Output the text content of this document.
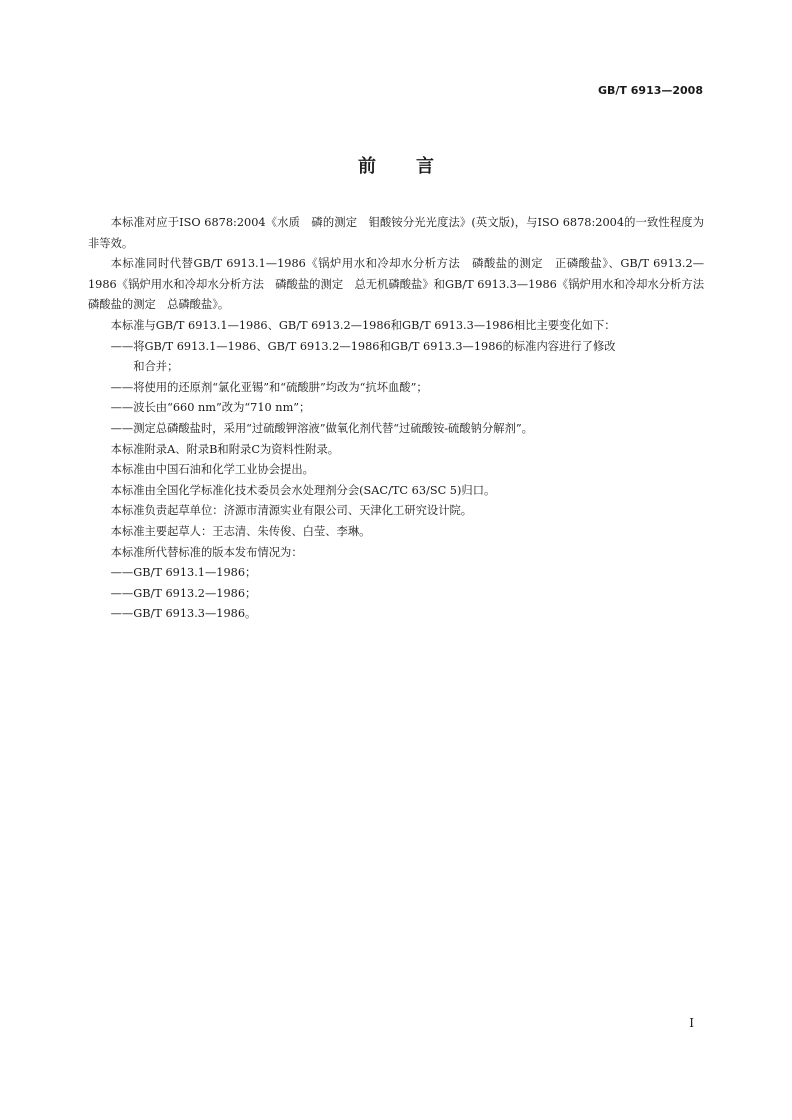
GB/T 6913—2008
前言

本标准对应于ISO 6878:2004《水质　磷的测定　钼酸铵分光光度法》(英文版)，与ISO 6878:2004的一致性程度为非等效。

本标准同时代替GB/T 6913.1—1986《锅炉用水和冷却水分析方法　磷酸盐的测定　正磷酸盐》、GB/T 6913.2—1986《锅炉用水和冷却水分析方法　磷酸盐的测定　总无机磷酸盐》和GB/T 6913.3—1986《锅炉用水和冷却水分析方法　磷酸盐的测定　总磷酸盐》。

本标准与GB/T 6913.1—1986、GB/T 6913.2—1986和GB/T 6913.3—1986相比主要变化如下：

——将GB/T 6913.1—1986、GB/T 6913.2—1986和GB/T 6913.3—1986的标准内容进行了修改
和合并；

——将使用的还原剂“氯化亚锡”和“硫酸肼”均改为“抗坏血酸”；

——波长由“660 nm”改为“710 nm”；

——测定总磷酸盐时，采用“过硫酸钾溶液”做氧化剂代替“过硫酸铵-硫酸钠分解剂”。

本标准附录A、附录B和附录C为资料性附录。

本标准由中国石油和化学工业协会提出。

本标准由全国化学标准化技术委员会水处理剂分会(SAC/TC 63/SC 5)归口。

本标准负责起草单位：济源市清源实业有限公司、天津化工研究设计院。

本标准主要起草人：王志清、朱传俊、白莹、李琳。

本标准所代替标准的版本发布情况为：

——GB/T 6913.1—1986；

——GB/T 6913.2—1986；

——GB/T 6913.3—1986。

I
